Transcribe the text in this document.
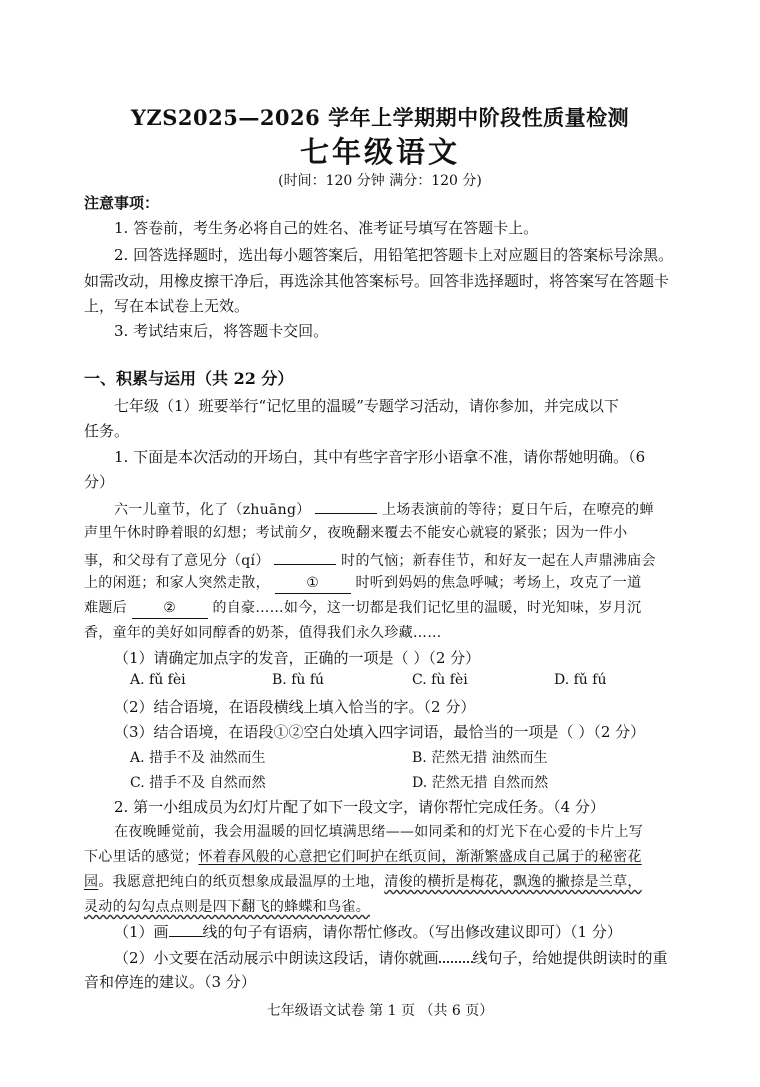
YZS2025—2026 学年上学期期中阶段性质量检测
七年级语文
(时间：120 分钟 满分：120 分)
注意事项：
1. 答卷前，考生务必将自己的姓名、准考证号填写在答题卡上。
2. 回答选择题时，选出每小题答案后，用铅笔把答题卡上对应题目的答案标号涂黑。
如需改动，用橡皮擦干净后，再选涂其他答案标号。回答非选择题时，将答案写在答题卡
上，写在本试卷上无效。
3. 考试结束后，将答题卡交回。
一、积累与运用（共 22 分）
七年级（1）班要举行“记忆里的温暖”专题学习活动，请你参加，并完成以下
任务。
1. 下面是本次活动的开场白，其中有些字音字形小语拿不准，请你帮她明确。（6
分）
六一儿童节，化了（zhuāng）	上场表演前的等待；夏日午后，在嘹亮的蝉
声里午休时睁着眼的幻想；考试前夕，夜晚翻来覆去不能安心就寝的紧张；因为一件小
事，和父母有了意见分（qí）	时的气恼；新春佳节，和好友一起在人声鼎沸庙会
上的闲逛；和家人突然走散，	①	时听到妈妈的焦急呼喊；考场上，攻克了一道
难题后	②	的自豪……如今，这一切都是我们记忆里的温暖，时光知味，岁月沉
香，童年的美好如同醇香的奶茶，值得我们永久珍藏……
（1）请确定加点字的发音，正确的一项是（ ）（2 分）
A. fǔ fèi	B. fù fú	C. fù fèi	D. fǔ fú
（2）结合语境，在语段横线上填入恰当的字。（2 分）
（3）结合语境，在语段①②空白处填入四字词语，最恰当的一项是（ ）（2 分）
A. 措手不及 油然而生	B. 茫然无措 油然而生
C. 措手不及 自然而然	D. 茫然无措 自然而然
2. 第一小组成员为幻灯片配了如下一段文字，请你帮忙完成任务。（4 分）
在夜晚睡觉前，我会用温暖的回忆填满思绪——如同柔和的灯光下在心爱的卡片上写
下心里话的感觉；怀着春风般的心意把它们呵护在纸页间，渐渐繁盛成自己属于的秘密花
园。我愿意把纯白的纸页想象成最温厚的土地，清俊的横折是梅花，飘逸的撇捺是兰草，
灵动的勾勾点点则是四下翻飞的蜂蝶和鸟雀。
（1）画 线的句子有语病，请你帮忙修改。（写出修改建议即可）（1 分）
（2）小文要在活动展示中朗读这段话，请你就画 线句子，给她提供朗读时的重
音和停连的建议。（3 分）
七年级语文试卷 第 1 页 （共 6 页）
